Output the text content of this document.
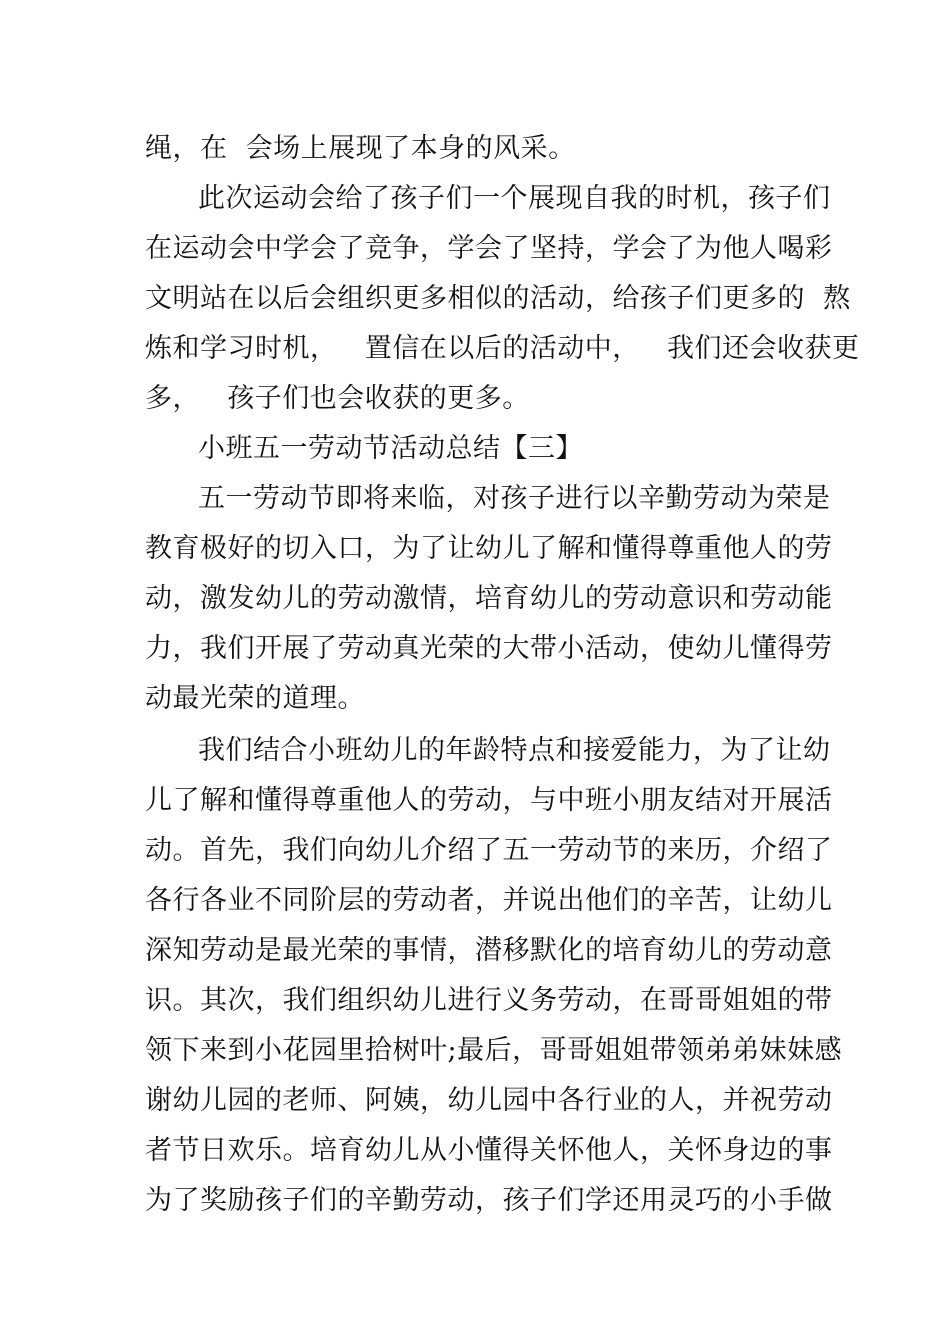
绳，在  会场上展现了本身的风采。
此次运动会给了孩子们一个展现自我的时机，孩子们
在运动会中学会了竞争，学会了坚持，学会了为他人喝彩
文明站在以后会组织更多相似的活动，给孩子们更多的  熬
炼和学习时机，   置信在以后的活动中，   我们还会收获更
多，   孩子们也会收获的更多。
小班五一劳动节活动总结【三】
五一劳动节即将来临，对孩子进行以辛勤劳动为荣是
教育极好的切入口，为了让幼儿了解和懂得尊重他人的劳
动，激发幼儿的劳动激情，培育幼儿的劳动意识和劳动能
力，我们开展了劳动真光荣的大带小活动，使幼儿懂得劳
动最光荣的道理。
我们结合小班幼儿的年龄特点和接爱能力，为了让幼
儿了解和懂得尊重他人的劳动，与中班小朋友结对开展活
动。首先，我们向幼儿介绍了五一劳动节的来历，介绍了
各行各业不同阶层的劳动者，并说出他们的辛苦，让幼儿
深知劳动是最光荣的事情，潜移默化的培育幼儿的劳动意
识。其次，我们组织幼儿进行义务劳动，在哥哥姐姐的带
领下来到小花园里拾树叶;最后，哥哥姐姐带领弟弟妹妹感
谢幼儿园的老师、阿姨，幼儿园中各行业的人，并祝劳动
者节日欢乐。培育幼儿从小懂得关怀他人，关怀身边的事
为了奖励孩子们的辛勤劳动，孩子们学还用灵巧的小手做
